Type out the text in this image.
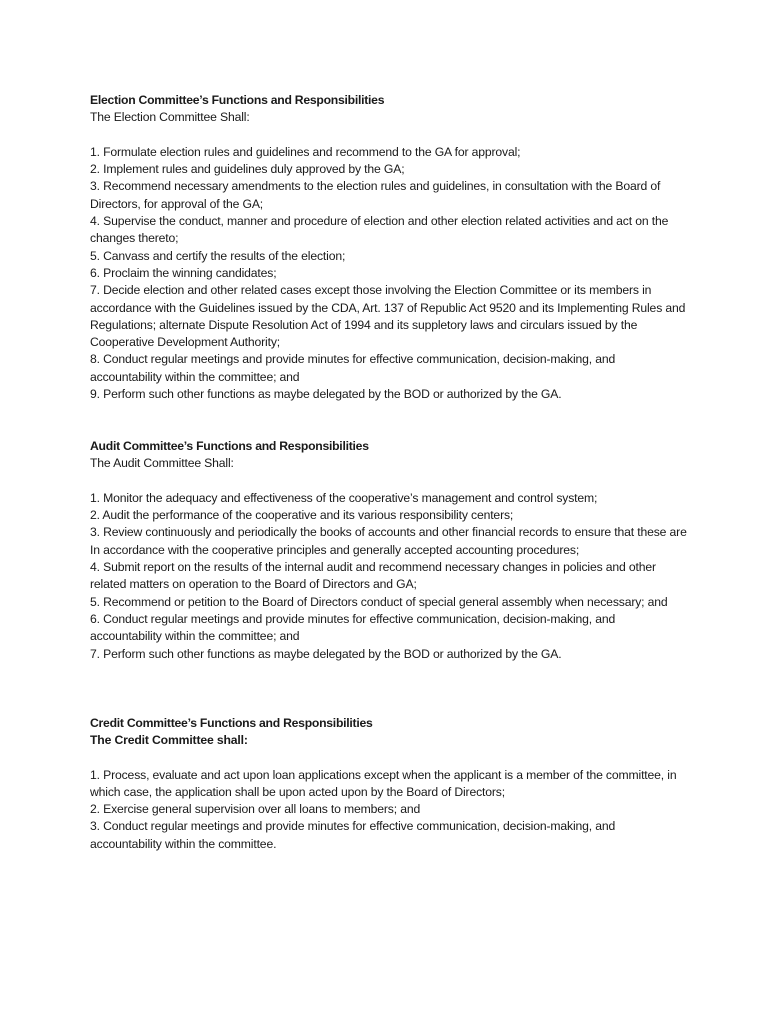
Election Committee’s Functions and Responsibilities

The Election Committee Shall:

1. Formulate election rules and guidelines and recommend to the GA for approval;
2. Implement rules and guidelines duly approved by the GA;
3. Recommend necessary amendments to the election rules and guidelines, in consultation with the Board of Directors, for approval of the GA;
4. Supervise the conduct, manner and procedure of election and other election related activities and act on the changes thereto;
5. Canvass and certify the results of the election;
6. Proclaim the winning candidates;
7. Decide election and other related cases except those involving the Election Committee or its members in accordance with the Guidelines issued by the CDA, Art. 137 of Republic Act 9520 and its Implementing Rules and Regulations; alternate Dispute Resolution Act of 1994 and its suppletory laws and circulars issued by the Cooperative Development Authority;
8. Conduct regular meetings and provide minutes for effective communication, decision-making, and accountability within the committee; and
9. Perform such other functions as maybe delegated by the BOD or authorized by the GA.

Audit Committee’s Functions and Responsibilities

The Audit Committee Shall:

1. Monitor the adequacy and effectiveness of the cooperative’s management and control system;
2. Audit the performance of the cooperative and its various responsibility centers;
3. Review continuously and periodically the books of accounts and other financial records to ensure that these are In accordance with the cooperative principles and generally accepted accounting procedures;
4. Submit report on the results of the internal audit and recommend necessary changes in policies and other related matters on operation to the Board of Directors and GA;
5. Recommend or petition to the Board of Directors conduct of special general assembly when necessary; and
6. Conduct regular meetings and provide minutes for effective communication, decision-making, and accountability within the committee; and
7. Perform such other functions as maybe delegated by the BOD or authorized by the GA.

Credit Committee’s Functions and Responsibilities

The Credit Committee shall:

1. Process, evaluate and act upon loan applications except when the applicant is a member of the committee, in which case, the application shall be upon acted upon by the Board of Directors;
2. Exercise general supervision over all loans to members; and
3. Conduct regular meetings and provide minutes for effective communication, decision-making, and accountability within the committee.
